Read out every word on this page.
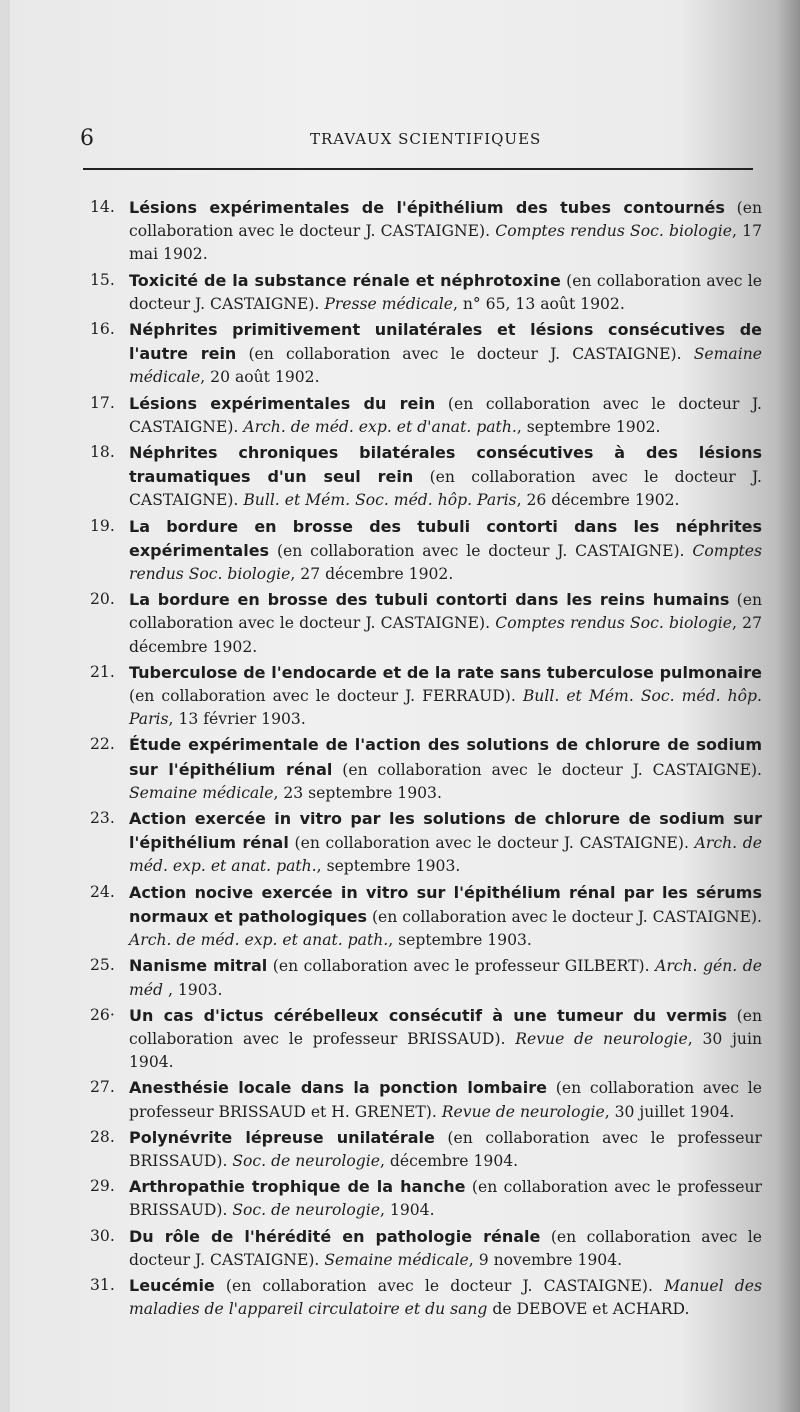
6	TRAVAUX SCIENTIFIQUES
14. Lésions expérimentales de l'épithélium des tubes contournés (en collaboration avec le docteur J. CASTAIGNE). Comptes rendus Soc. biologie, 17 mai 1902.
15. Toxicité de la substance rénale et néphrotoxine (en collaboration avec le docteur J. CASTAIGNE). Presse médicale, n° 65, 13 août 1902.
16. Néphrites primitivement unilatérales et lésions consécutives de l'autre rein (en collaboration avec le docteur J. CASTAIGNE). Semaine médicale, 20 août 1902.
17. Lésions expérimentales du rein (en collaboration avec le docteur J. CASTAIGNE). Arch. de méd. exp. et d'anat. path., septembre 1902.
18. Néphrites chroniques bilatérales consécutives à des lésions traumatiques d'un seul rein (en collaboration avec le docteur J. CASTAIGNE). Bull. et Mém. Soc. méd. hôp. Paris, 26 décembre 1902.
19. La bordure en brosse des tubuli contorti dans les néphrites expérimentales (en collaboration avec le docteur J. CASTAIGNE). Comptes rendus Soc. biologie, 27 décembre 1902.
20. La bordure en brosse des tubuli contorti dans les reins humains (en collaboration avec le docteur J. CASTAIGNE). Comptes rendus Soc. biologie, 27 décembre 1902.
21. Tuberculose de l'endocarde et de la rate sans tuberculose pulmonaire (en collaboration avec le docteur J. FERRAUD). Bull. et Mém. Soc. méd. hôp. Paris, 13 février 1903.
22. Étude expérimentale de l'action des solutions de chlorure de sodium sur l'épithélium rénal (en collaboration avec le docteur J. CASTAIGNE). Semaine médicale, 23 septembre 1903.
23. Action exercée in vitro par les solutions de chlorure de sodium sur l'épithélium rénal (en collaboration avec le docteur J. CASTAIGNE). Arch. de méd. exp. et anat. path., septembre 1903.
24. Action nocive exercée in vitro sur l'épithélium rénal par les sérums normaux et pathologiques (en collaboration avec le docteur J. CASTAIGNE). Arch. de méd. exp. et anat. path., septembre 1903.
25. Nanisme mitral (en collaboration avec le professeur GILBERT). Arch. gén. de méd , 1903.
26· Un cas d'ictus cérébelleux consécutif à une tumeur du vermis (en collaboration avec le professeur BRISSAUD). Revue de neurologie, 30 juin 1904.
27. Anesthésie locale dans la ponction lombaire (en collaboration avec le professeur BRISSAUD et H. GRENET). Revue de neurologie, 30 juillet 1904.
28. Polynévrite lépreuse unilatérale (en collaboration avec le professeur BRISSAUD). Soc. de neurologie, décembre 1904.
29. Arthropathie trophique de la hanche (en collaboration avec le professeur BRISSAUD). Soc. de neurologie, 1904.
30. Du rôle de l'hérédité en pathologie rénale (en collaboration avec le docteur J. CASTAIGNE). Semaine médicale, 9 novembre 1904.
31. Leucémie (en collaboration avec le docteur J. CASTAIGNE). Manuel des maladies de l'appareil circulatoire et du sang de DEBOVE et ACHARD.
